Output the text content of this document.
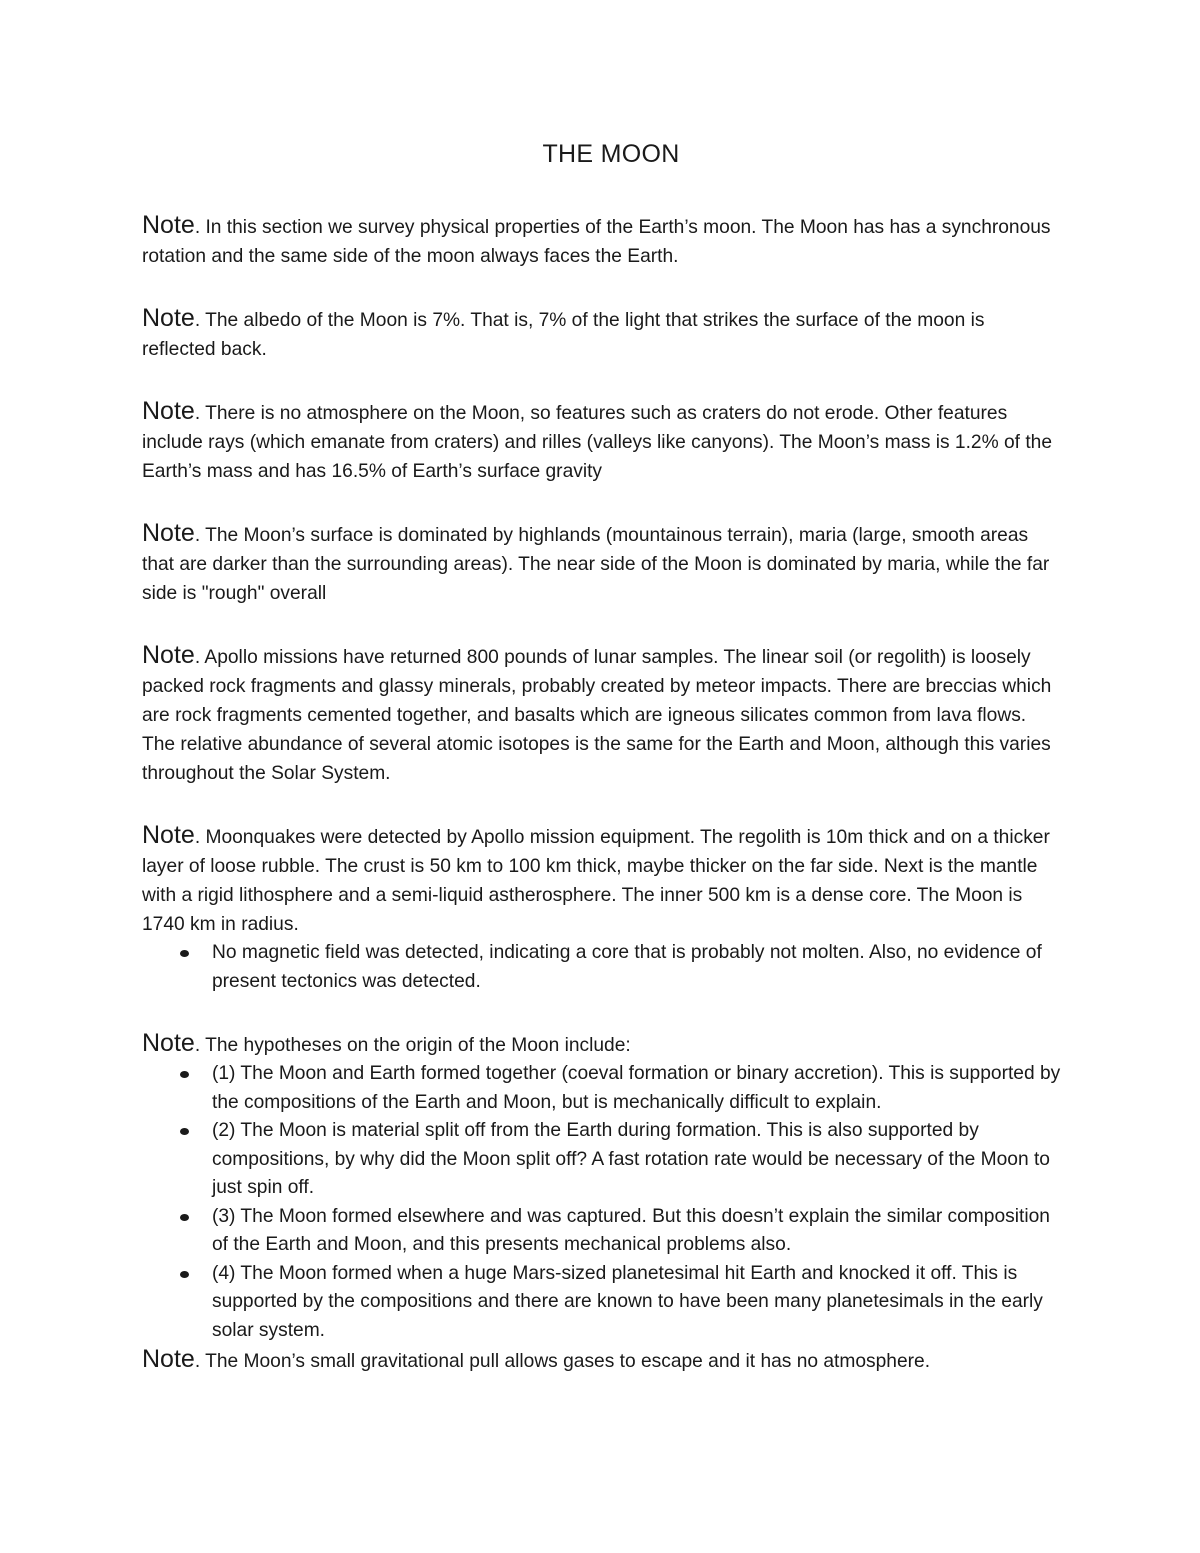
THE MOON

Note. In this section we survey physical properties of the Earth’s moon. The Moon has has a synchronous rotation and the same side of the moon always faces the Earth.

Note. The albedo of the Moon is 7%. That is, 7% of the light that strikes the surface of the moon is reflected back.

Note. There is no atmosphere on the Moon, so features such as craters do not erode. Other features include rays (which emanate from craters) and rilles (valleys like canyons). The Moon’s mass is 1.2% of the Earth’s mass and has 16.5% of Earth’s surface gravity

Note. The Moon’s surface is dominated by highlands (mountainous terrain), maria (large, smooth areas that are darker than the surrounding areas). The near side of the Moon is dominated by maria, while the far side is "rough" overall

Note. Apollo missions have returned 800 pounds of lunar samples. The linear soil (or regolith) is loosely packed rock fragments and glassy minerals, probably created by meteor impacts. There are breccias which are rock fragments cemented together, and basalts which are igneous silicates common from lava flows. The relative abundance of several atomic isotopes is the same for the Earth and Moon, although this varies throughout the Solar System.

Note. Moonquakes were detected by Apollo mission equipment. The regolith is 10m thick and on a thicker layer of loose rubble. The crust is 50 km to 100 km thick, maybe thicker on the far side. Next is the mantle with a rigid lithosphere and a semi-liquid astherosphere. The inner 500 km is a dense core. The Moon is 1740 km in radius.

No magnetic field was detected, indicating a core that is probably not molten. Also, no evidence of present tectonics was detected.

Note. The hypotheses on the origin of the Moon include:

(1) The Moon and Earth formed together (coeval formation or binary accretion). This is supported by the compositions of the Earth and Moon, but is mechanically difficult to explain.
(2) The Moon is material split off from the Earth during formation. This is also supported by compositions, by why did the Moon split off? A fast rotation rate would be necessary of the Moon to just spin off.
(3) The Moon formed elsewhere and was captured. But this doesn’t explain the similar composition of the Earth and Moon, and this presents mechanical problems also.
(4) The Moon formed when a huge Mars-sized planetesimal hit Earth and knocked it off. This is supported by the compositions and there are known to have been many planetesimals in the early solar system.

Note. The Moon’s small gravitational pull allows gases to escape and it has no atmosphere.
